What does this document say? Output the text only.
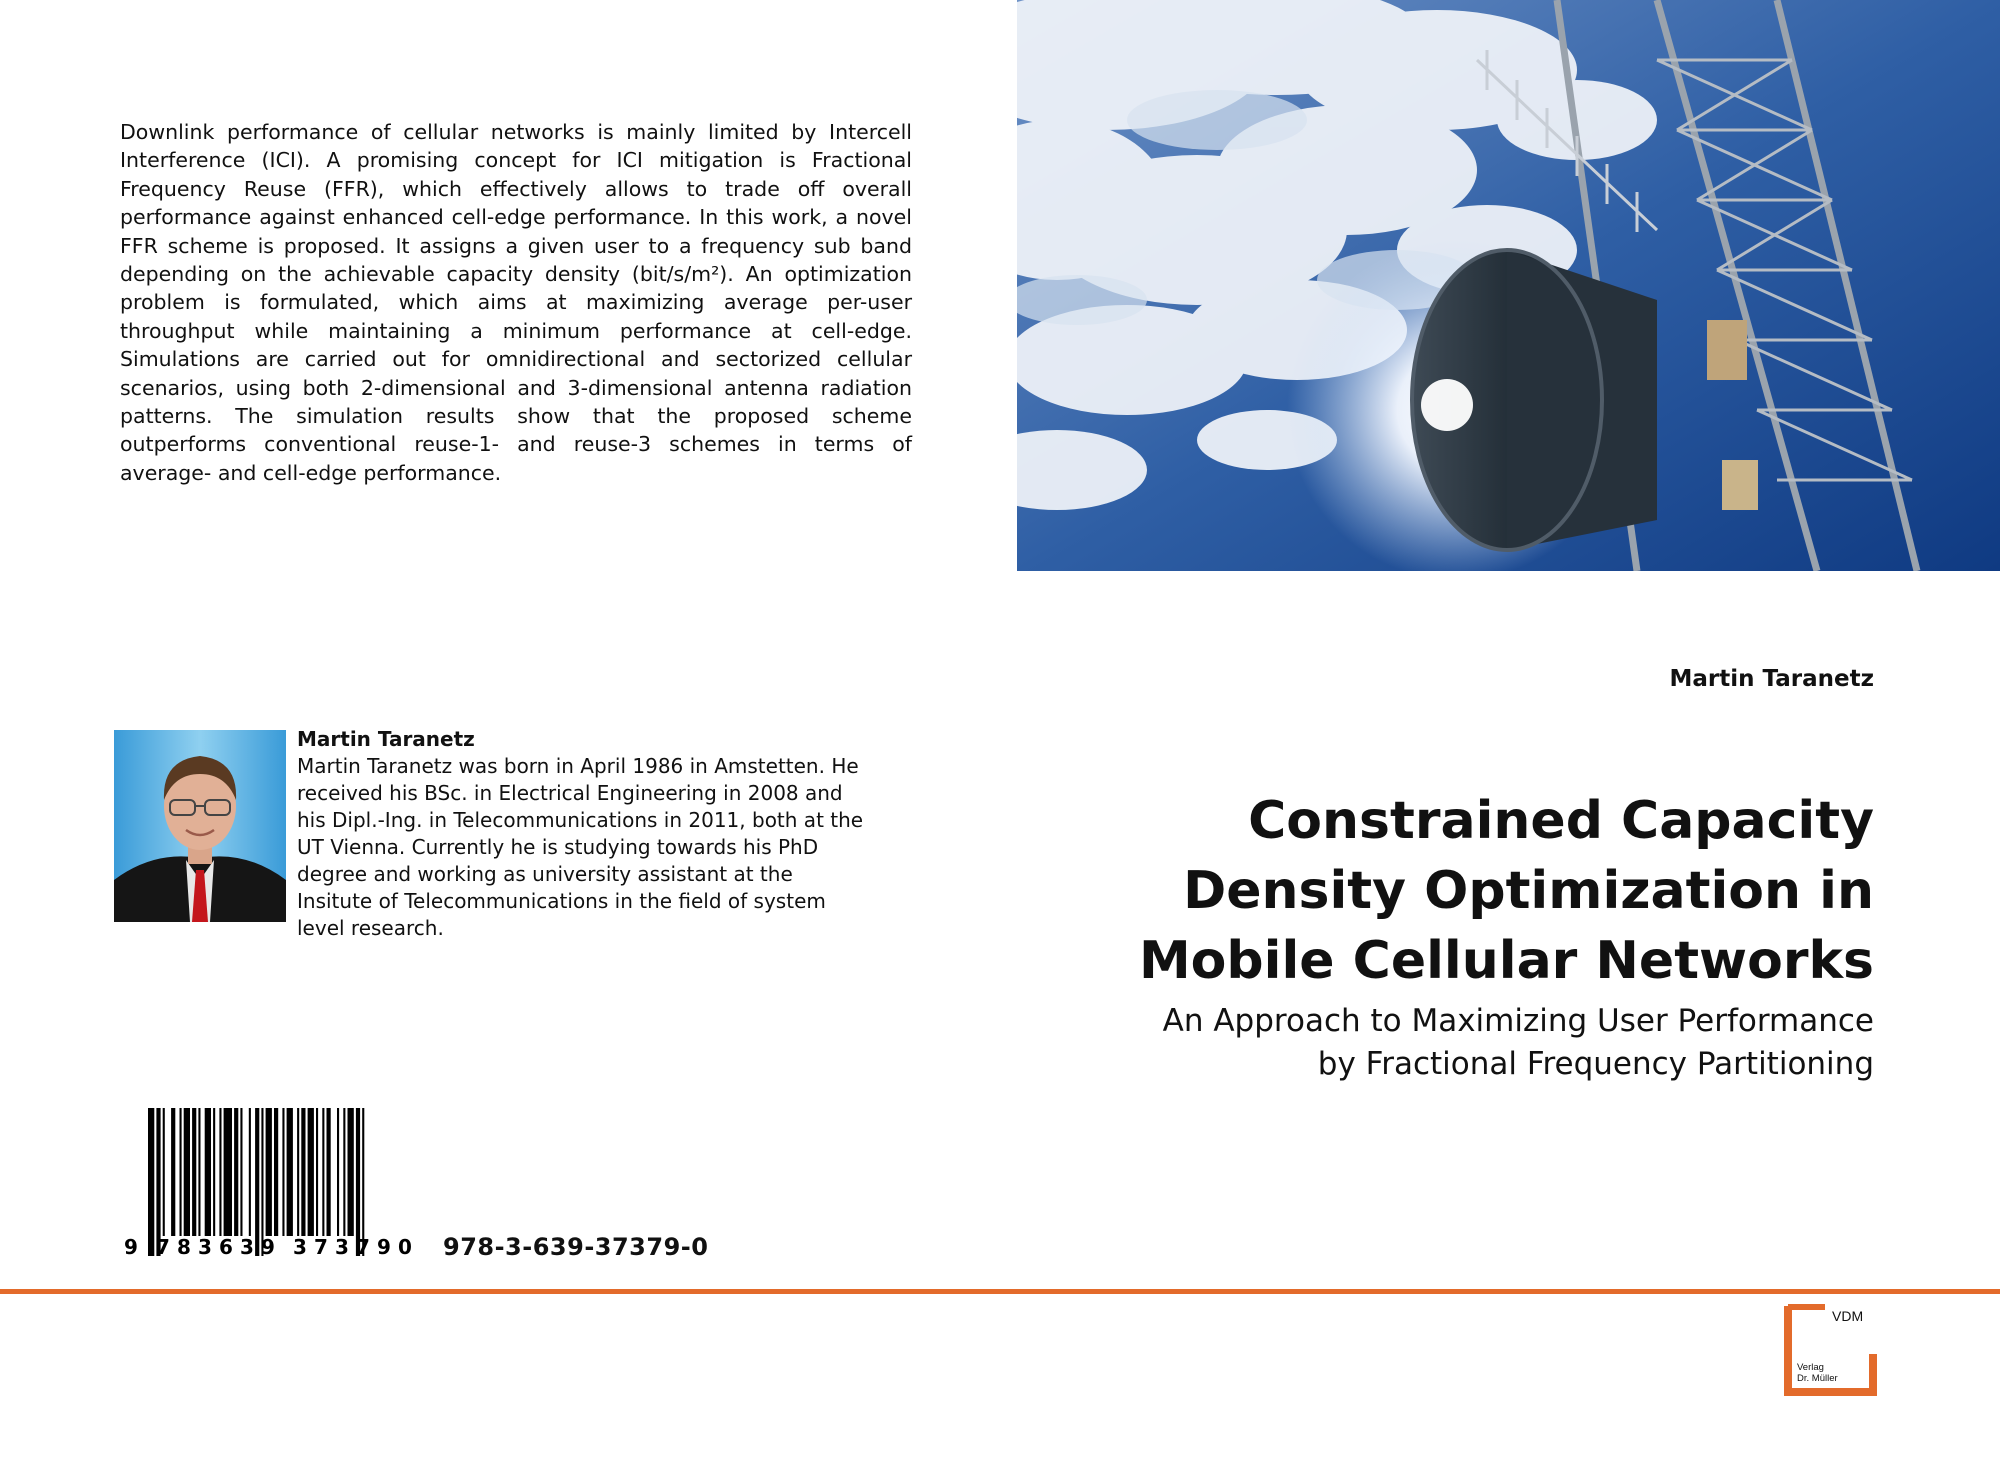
Downlink performance of cellular networks is mainly limited by Intercell Interference (ICI). A promising concept for ICI mitigation is Fractional Frequency Reuse (FFR), which effectively allows to trade off overall performance against enhanced cell-edge performance. In this work, a novel FFR scheme is proposed. It assigns a given user to a frequency sub band depending on the achievable capacity density (bit/s/m²). An optimization problem is formulated, which aims at maximizing average per-user throughput while maintaining a minimum performance at cell-edge. Simulations are carried out for omnidirectional and sectorized cellular scenarios, using both 2-dimensional and 3-dimensional antenna radiation patterns. The simulation results show that the proposed scheme outperforms conventional reuse-1- and reuse-3 schemes in terms of average- and cell-edge performance.

Martin Taranetz
Constrained Capacity
Density Optimization in
Mobile Cellular Networks

An Approach to Maximizing User Performance
by Fractional Frequency Partitioning

Martin Taranetz
Martin Taranetz was born in April 1986 in Amstetten. He received his BSc. in Electrical Engineering in 2008 and his Dipl.-Ing. in Telecommunications in 2011, both at the UT Vienna. Currently he is studying towards his PhD degree and working as university assistant at the Insitute of Telecommunications in the field of system level research.
9 7 8 3 6 3 9 3 7 3 7 9 0 978-3-639-37379-0
VDM
Verlag
Dr. Müller
